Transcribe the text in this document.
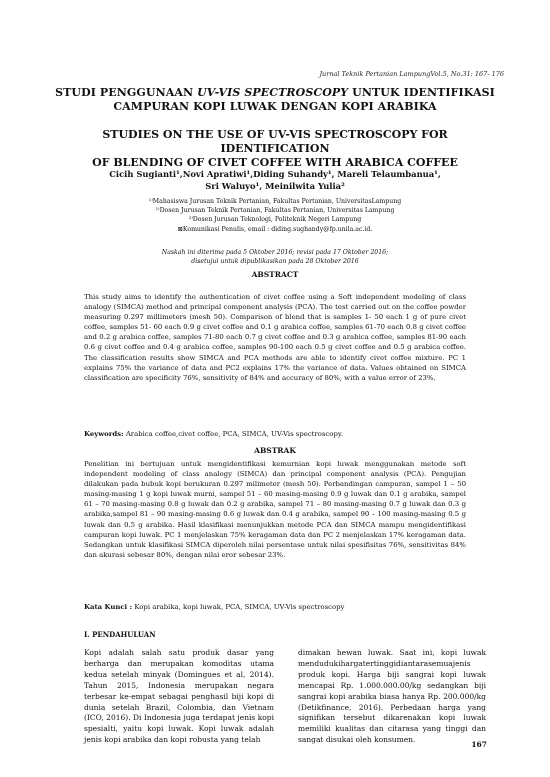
Jurnal Teknik Pertanian LampungVol.5, No.31: 167- 176
STUDI PENGGUNAAN UV-VIS SPECTROSCOPY UNTUK IDENTIFIKASI
CAMPURAN KOPI LUWAK DENGAN KOPI ARABIKA
STUDIES ON THE USE OF UV-VIS SPECTROSCOPY FOR IDENTIFICATION
OF BLENDING OF CIVET COFFEE WITH ARABICA COFFEE
Cicih Sugianti¹,Novi Apratiwi¹,Diding Suhandy¹, Mareli Telaumbanua¹,
Sri Waluyo¹, Meinilwita Yulia²
¹⁾Mahasiswa Jurusan Teknik Pertanian, Fakultas Pertanian, UniversitasLampung
¹⁾Dosen Jurusan Teknik Pertanian, Fakultas Pertanian, Universitas Lampung
²⁾Dosen Jurusan Teknologi, Politeknik Negeri Lampung
⊠Komunikasi Penulis, email : diding.sughandy@fp.unila.ac.id.
Naskah ini diterima pada 5 Oktober 2016; revisi pada 17 Oktober 2016;
disetujui untuk dipublikasikan pada 28 Oktober 2016
ABSTRACT
This study aims to identify the authentication of civet coffee using a Soft independent modeling of class analogy (SIMCA) method and principal component analysis (PCA). The test carried out on the coffee powder measuring 0.297 millimeters (mesh 50). Comparison of blend that is samples 1- 50 each 1 g of pure civet coffee, samples 51- 60 each 0.9 g civet coffee and 0.1 g arabica coffee, samples 61-70 each 0.8 g civet coffee and 0.2 g arabica coffee, samples 71-80 each 0.7 g civet coffee and 0.3 g arabica coffee, samples 81-90 each 0.6 g civet coffee and 0.4 g arabica coffee, samples 90-100 each 0.5 g civet coffee and 0.5 g arabica coffee. The classification results show SIMCA and PCA methods are able to identify civet coffee mixture. PC 1 explains 75% the variance of data and PC2 explains 17% the variance of data. Values obtained on SIMCA classification are specificity 76%, sensitivity of 84% and accuracy of 80%, with a value error of 23%.
Keywords: Arabica coffee,civet coffee, PCA, SIMCA, UV-Vis spectroscopy.
ABSTRAK
Penelitian ini bertujuan untuk mengidentifikasi kemurnian kopi luwak menggunakan metode soft independent modeling of class analogy (SIMCA) dan principal component analysis (PCA). Pengujian dilakukan pada bubuk kopi berukuran 0.297 milimeter (mesh 50). Perbandingan campuran, sampel 1 – 50 masing-masing 1 g kopi luwak murni, sampel 51 – 60 masing-masing 0.9 g luwak dan 0.1 g arabika, sampel 61 – 70 masing-masing 0.8 g luwak dan 0.2 g arabika, sampel 71 – 80 masing-masing 0.7 g luwak dan 0.3 g arabika,sampel 81 – 90 masing-masing 0.6 g luwak dan 0.4 g arabika, sampel 90 – 100 masing-masing 0.5 g luwak dan 0.5 g arabika. Hasil klasifikasi menunjukkan metode PCA dan SIMCA mampu mengidentifikasi campuran kopi luwak. PC 1 menjelaskan 75% keragaman data dan PC 2 menjelaskan 17% keragaman data. Sedangkan untuk klasifikasi SIMCA diperoleh nilai persentase untuk nilai spesifisitas 76%, sensitivitas 84% dan akurasi sebesar 80%, dengan nilai eror sebesar 23%.
Kata Kunci : Kopi arabika, kopi luwak, PCA, SIMCA, UV-Vis spectroscopy
I. PENDAHULUAN
Kopi adalah salah satu produk dasar yang berharga dan merupakan komoditas utama kedua setelah minyak (Domingues et al, 2014). Tahun 2015, Indonesia merupakan negara terbesar ke-empat sebagai penghasil biji kopi di dunia setelah Brazil, Colombia, dan Vietnam (ICO, 2016). Di Indonesia juga terdapat jenis kopi spesialti, yaitu kopi luwak. Kopi luwak adalah jenis kopi arabika dan kopi robusta yang telah
dimakan hewan luwak. Saat ini, kopi luwak mendudukihargatertinggidiantarasemuajenis produk kopi. Harga biji sangrai kopi luwak mencapai Rp. 1.000.000.00/kg sedangkan biji sangrai kopi arabika biasa hanya Rp. 200.000/kg (Detikfinance, 2016). Perbedaan harga yang signifikan tersebut dikarenakan kopi luwak memiliki kualitas dan citarasa yang tinggi dan sangat disukai oleh konsumen.
167
